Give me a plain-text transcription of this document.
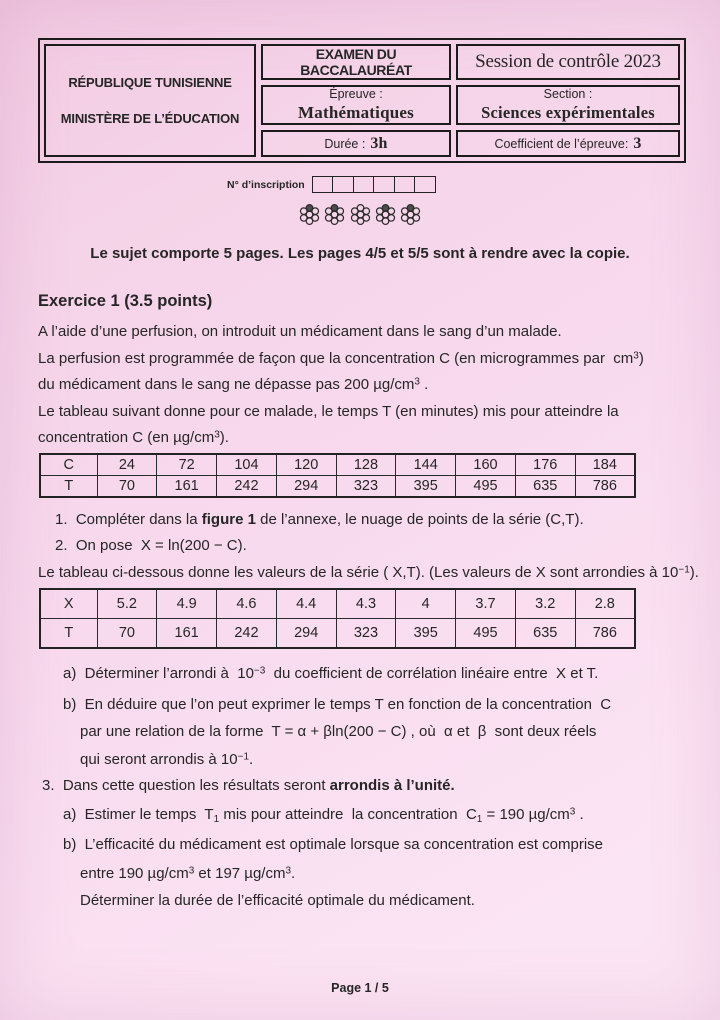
RÉPUBLIQUE TUNISIENNE
MINISTÈRE DE L’ÉDUCATION
EXAMEN DU BACCALAURÉAT
Épreuve :
Mathématiques
Durée : 3h
Session de contrôle 2023
Section :
Sciences expérimentales
Coefficient de l’épreuve: 3
N° d’inscription

Le sujet comporte 5 pages. Les pages 4/5 et 5/5 sont à rendre avec la copie.
Exercice 1 (3.5 points)
A l’aide d’une perfusion, on introduit un médicament dans le sang d’un malade.
La perfusion est programmée de façon que la concentration C (en microgrammes par  $cm^3$)
du médicament dans le sang ne dépasse pas 200 $\mu g/cm^3$ .
Le tableau suivant donne pour ce malade, le temps T (en minutes) mis pour atteindre la
concentration C (en $\mu g/cm^3$).
C	24	72	104	120	128	144	160	176	184
T	70	161	242	294	323	395	495	635	786
1.  Compléter dans la figure 1 de l’annexe, le nuage de points de la série (C,T).
2.  On pose  X = ln(200 − C).
Le tableau ci-dessous donne les valeurs de la série ( X,T). (Les valeurs de X sont arrondies à $10^{-1}$).
X	5.2	4.9	4.6	4.4	4.3	4	3.7	3.2	2.8
T	70	161	242	294	323	395	495	635	786
a)  Déterminer l’arrondi à  $10^{-3}$  du coefficient de corrélation linéaire entre  X et T.
b)  En déduire que l’on peut exprimer le temps T en fonction de la concentration  C
par une relation de la forme  T = α + βln(200 − C) , où  α et  β  sont deux réels
qui seront arrondis à $10^{-1}$.
3.  Dans cette question les résultats seront arrondis à l’unité.
a)  Estimer le temps  $T_1$ mis pour atteindre  la concentration  $C_1 = 190$ $\mu g/cm^3$ .
b)  L’efficacité du médicament est optimale lorsque sa concentration est comprise
entre 190 $\mu g/cm^3$ et 197 $\mu g/cm^3$.
Déterminer la durée de l’efficacité optimale du médicament.
Page 1 / 5
